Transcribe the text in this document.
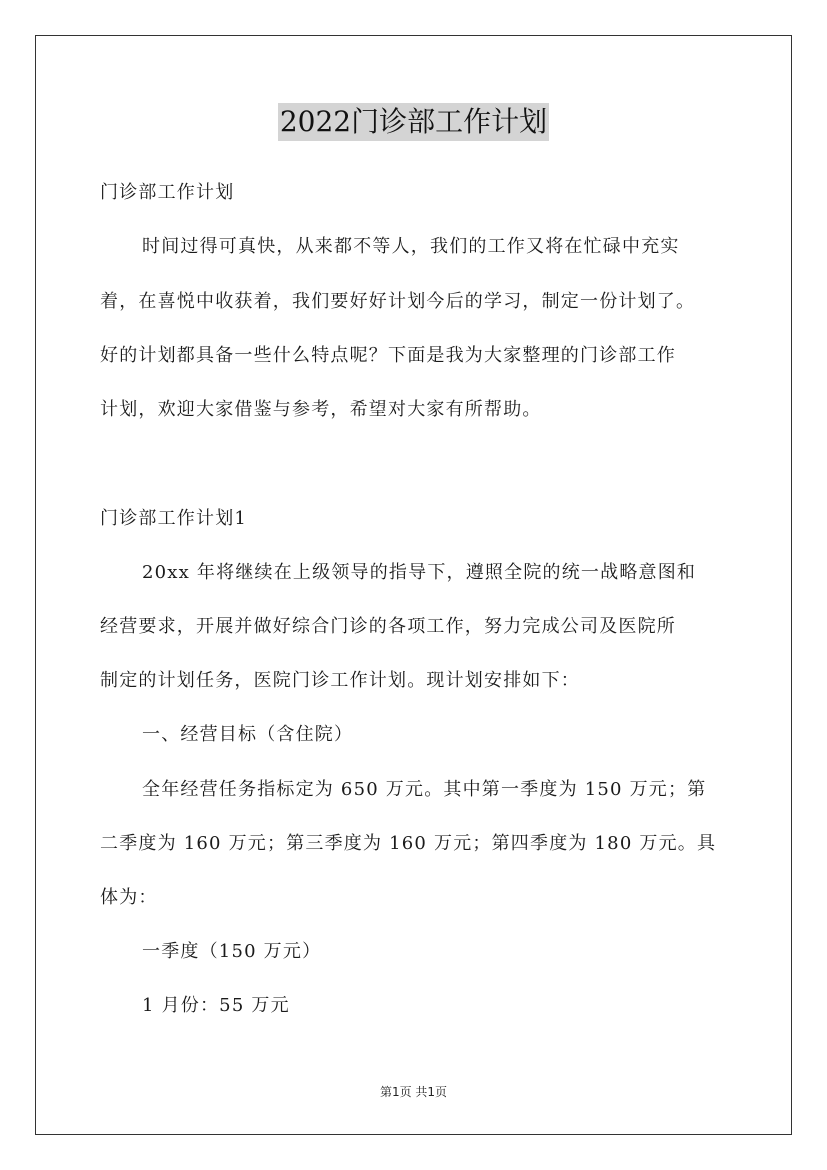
2022门诊部工作计划
门诊部工作计划
时间过得可真快，从来都不等人，我们的工作又将在忙碌中充实
着，在喜悦中收获着，我们要好好计划今后的学习，制定一份计划了。
好的计划都具备一些什么特点呢？下面是我为大家整理的门诊部工作
计划，欢迎大家借鉴与参考，希望对大家有所帮助。
门诊部工作计划1
20xx 年将继续在上级领导的指导下，遵照全院的统一战略意图和
经营要求，开展并做好综合门诊的各项工作，努力完成公司及医院所
制定的计划任务，医院门诊工作计划。现计划安排如下：
一、经营目标（含住院）
全年经营任务指标定为 650 万元。其中第一季度为 150 万元；第
二季度为 160 万元；第三季度为 160 万元；第四季度为 180 万元。具
体为：
一季度（150 万元）
1 月份：55 万元
第1页 共1页
